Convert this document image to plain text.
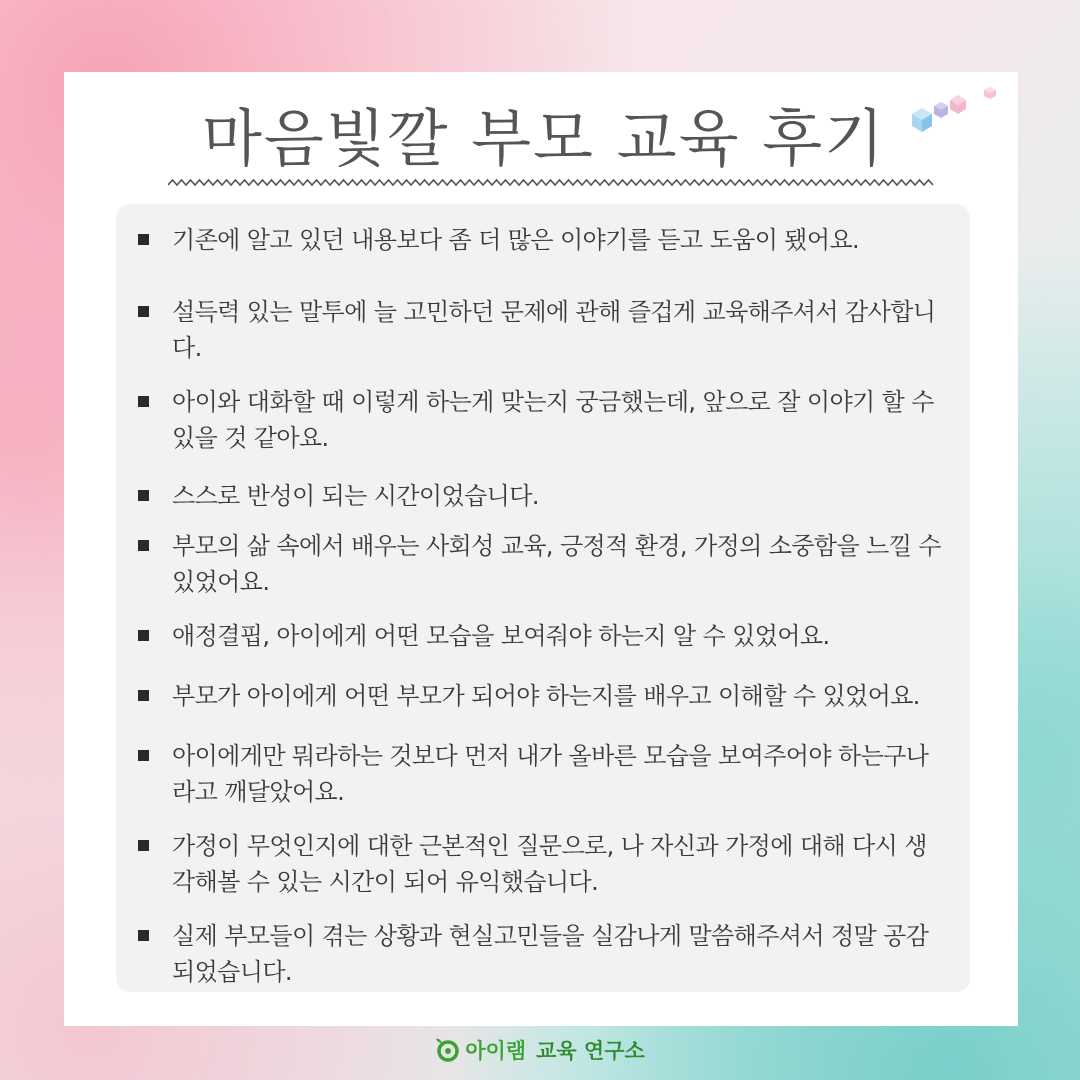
마음빛깔 부모 교육 후기
기존에 알고 있던 내용보다 좀 더 많은 이야기를 듣고 도움이 됐어요.
설득력 있는 말투에 늘 고민하던 문제에 관해 즐겁게 교육해주셔서 감사합니다.
아이와 대화할 때 이렇게 하는게 맞는지 궁금했는데, 앞으로 잘 이야기 할 수 있을 것 같아요.
스스로 반성이 되는 시간이었습니다.
부모의 삶 속에서 배우는 사회성 교육, 긍정적 환경, 가정의 소중함을 느낄 수 있었어요.
애정결핍, 아이에게 어떤 모습을 보여줘야 하는지 알 수 있었어요.
부모가 아이에게 어떤 부모가 되어야 하는지를 배우고 이해할 수 있었어요.
아이에게만 뭐라하는 것보다 먼저 내가 올바른 모습을 보여주어야 하는구나 라고 깨달았어요.
가정이 무엇인지에 대한 근본적인 질문으로, 나 자신과 가정에 대해 다시 생각해볼 수 있는 시간이 되어 유익했습니다.
실제 부모들이 겪는 상황과 현실고민들을 실감나게 말씀해주셔서 정말 공감되었습니다.
아이램 교육 연구소
